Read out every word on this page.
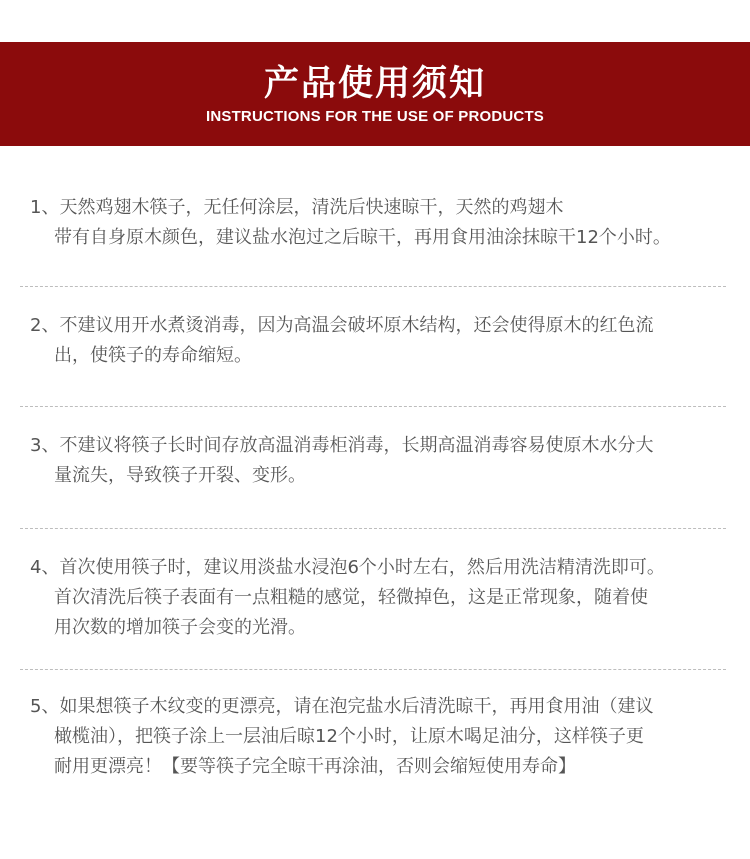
产品使用须知
INSTRUCTIONS FOR THE USE OF PRODUCTS
1、天然鸡翅木筷子，无任何涂层，清洗后快速晾干，天然的鸡翅木
带有自身原木颜色，建议盐水泡过之后晾干，再用食用油涂抹晾干12个小时。
2、不建议用开水煮烫消毒，因为高温会破坏原木结构，还会使得原木的红色流
出，使筷子的寿命缩短。
3、不建议将筷子长时间存放高温消毒柜消毒，长期高温消毒容易使原木水分大
量流失，导致筷子开裂、变形。
4、首次使用筷子时，建议用淡盐水浸泡6个小时左右，然后用洗洁精清洗即可。
首次清洗后筷子表面有一点粗糙的感觉，轻微掉色，这是正常现象，随着使
用次数的增加筷子会变的光滑。
5、如果想筷子木纹变的更漂亮，请在泡完盐水后清洗晾干，再用食用油（建议
橄榄油），把筷子涂上一层油后晾12个小时，让原木喝足油分，这样筷子更
耐用更漂亮！【要等筷子完全晾干再涂油，否则会缩短使用寿命】
